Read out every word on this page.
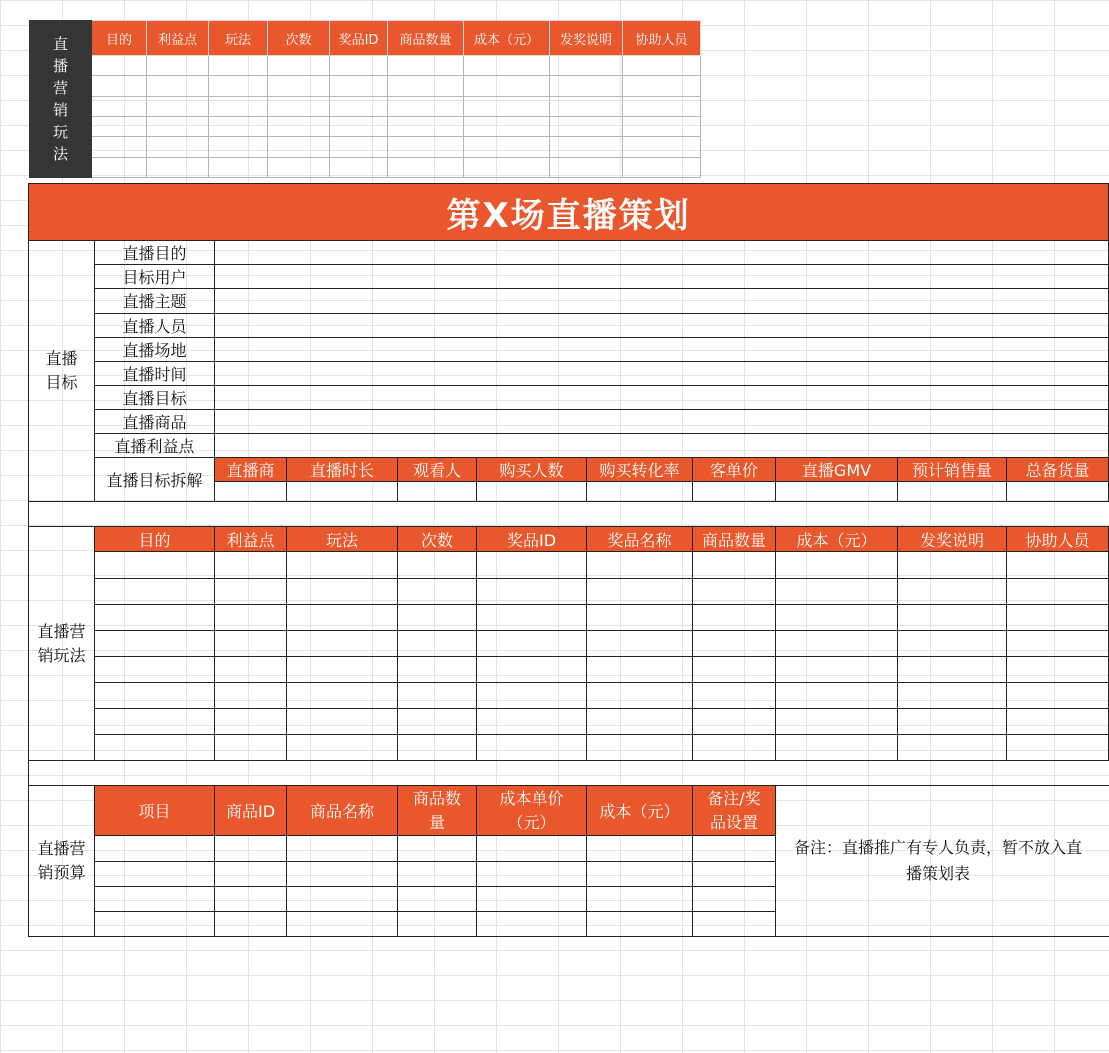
直播营销玩法	目的	利益点	玩法	次数	奖品ID	商品数量	成本（元）	发奖说明	协助人员

第X场直播策划										
直播目标	直播目的									
	目标用户									
	直播主题									
	直播人员									
	直播场地									
	直播时间									
	直播目标									
	直播商品									
	直播利益点									
	直播目标拆解	直播商	直播时长	观看人	购买人数	购买转化率	客单价	直播GMV	预计销售量	总备货量

直播营销玩法	目的	利益点	玩法	次数	奖品ID	奖品名称	商品数量	成本（元）	发奖说明	协助人员

直播营销预算	项目	商品ID	商品名称	商品数量	成本单价（元）	成本（元）	备注/奖品设置	备注：直播推广有专人负责，暂不放入直播策划表		
